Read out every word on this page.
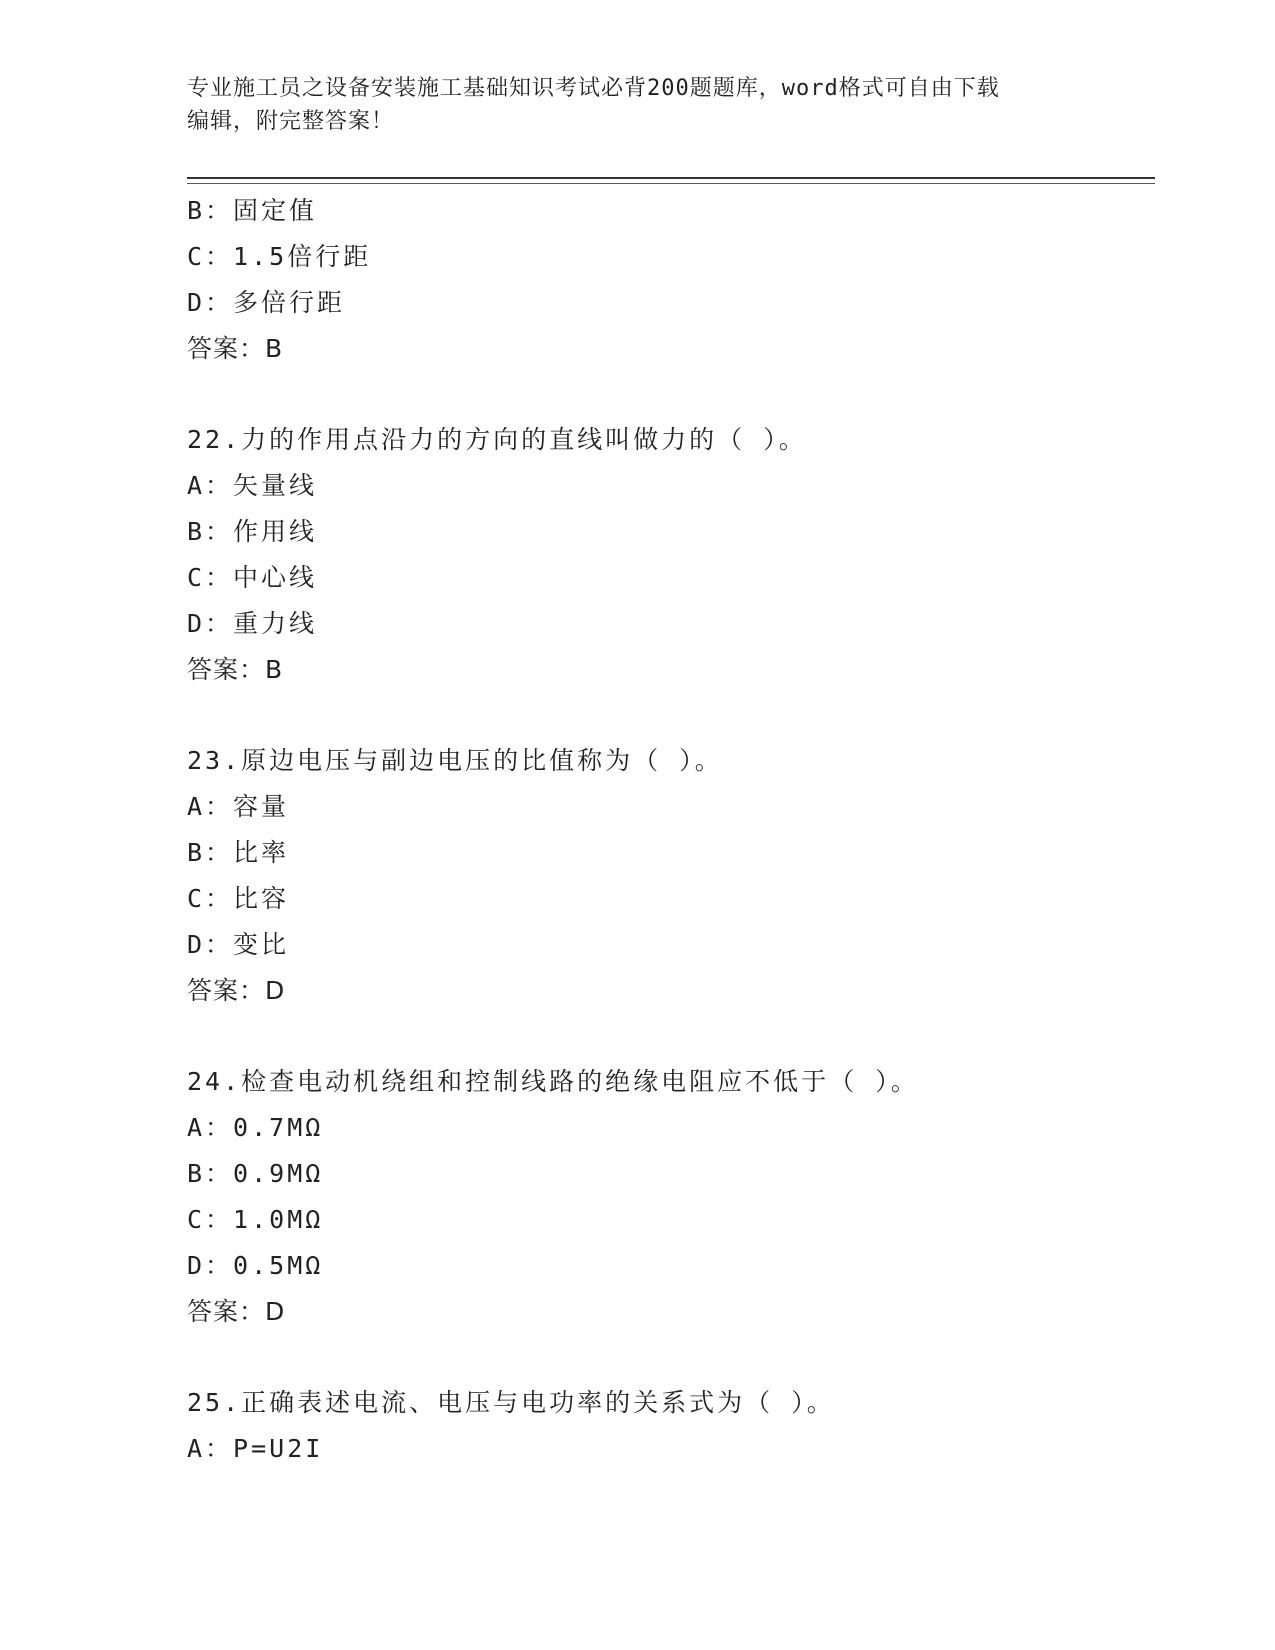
专业施工员之设备安装施工基础知识考试必背200题题库，word格式可自由下载
编辑，附完整答案！
B：固定值
C：1.5倍行距
D：多倍行距
答案：B
22.力的作用点沿力的方向的直线叫做力的（ ）。
A：矢量线
B：作用线
C：中心线
D：重力线
答案：B
23.原边电压与副边电压的比值称为（ ）。
A：容量
B：比率
C：比容
D：变比
答案：D
24.检查电动机绕组和控制线路的绝缘电阻应不低于（ ）。
A：0.7MΩ
B：0.9MΩ
C：1.0MΩ
D：0.5MΩ
答案：D
25.正确表述电流、电压与电功率的关系式为（ ）。
A：P=U2I
